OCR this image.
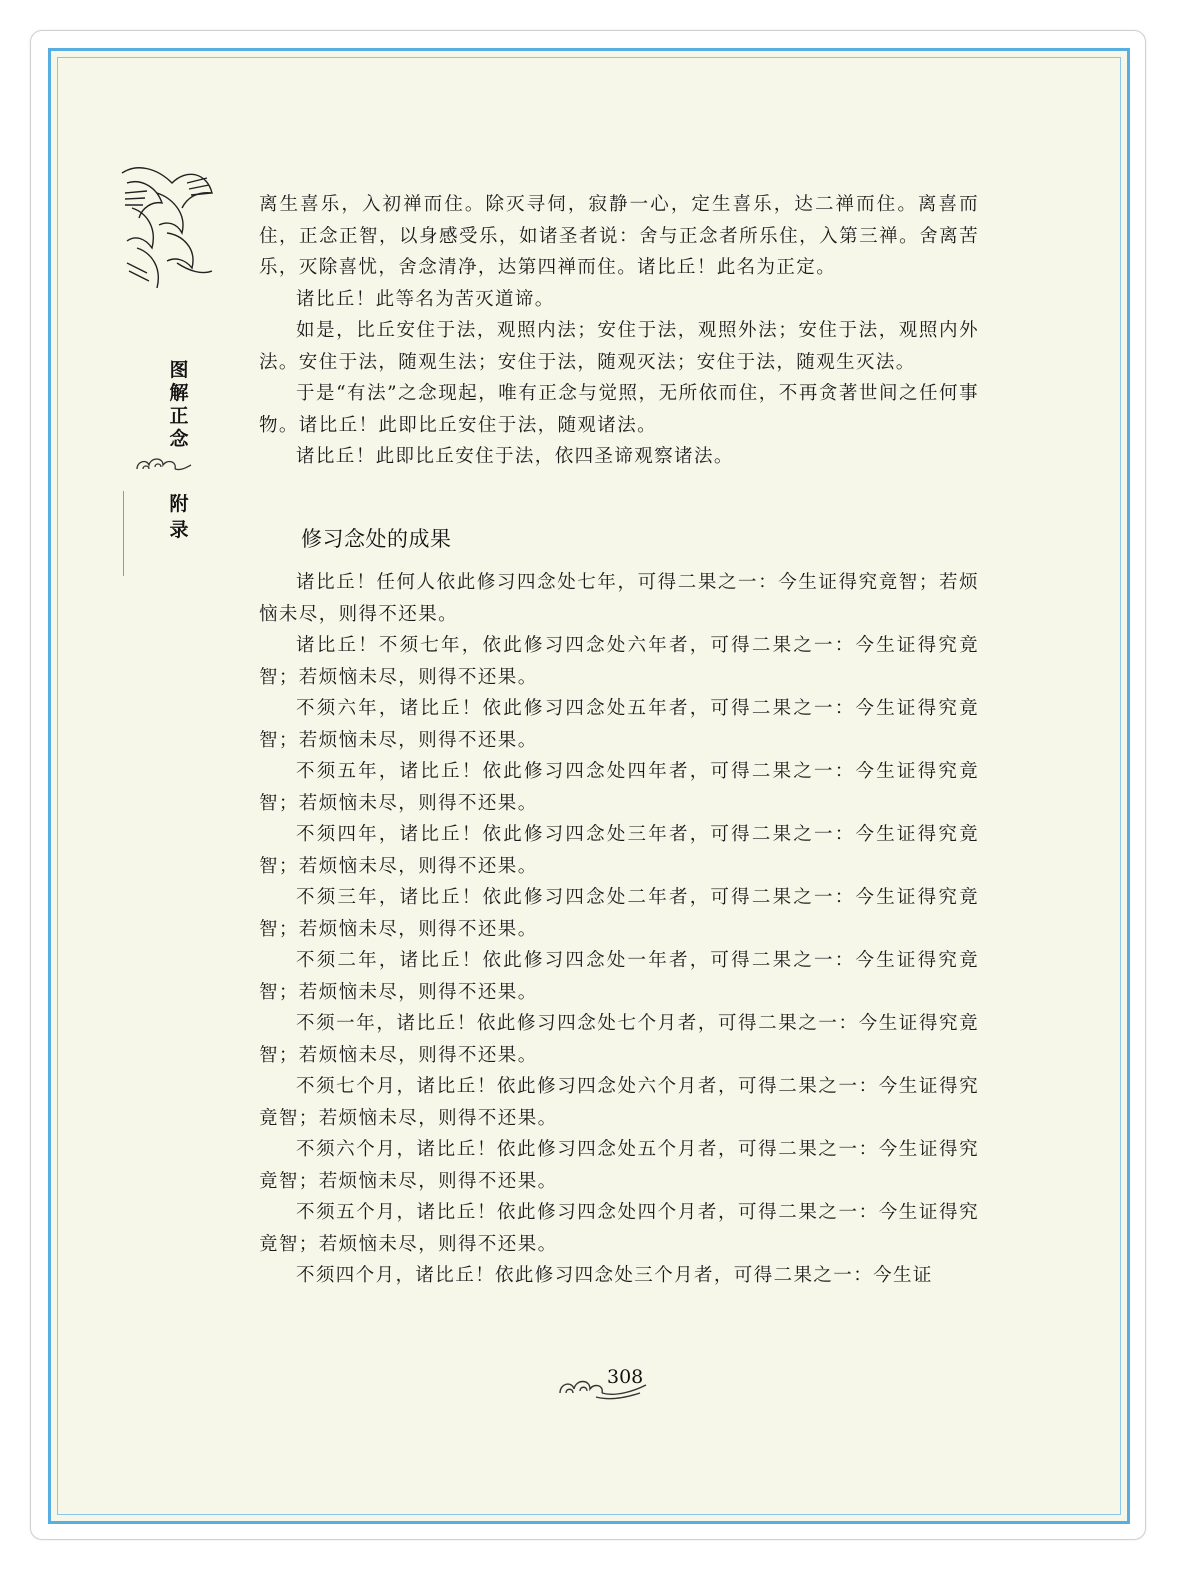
图
解
正
念
附
录

离生喜乐，入初禅而住。除灭寻伺，寂静一心，定生喜乐，达二禅而住。离喜而住，正念正智，以身感受乐，如诸圣者说：舍与正念者所乐住，入第三禅。舍离苦乐，灭除喜忧，舍念清净，达第四禅而住。诸比丘！此名为正定。

诸比丘！此等名为苦灭道谛。

如是，比丘安住于法，观照内法；安住于法，观照外法；安住于法，观照内外法。安住于法，随观生法；安住于法，随观灭法；安住于法，随观生灭法。

于是“有法”之念现起，唯有正念与觉照，无所依而住，不再贪著世间之任何事物。诸比丘！此即比丘安住于法，随观诸法。

诸比丘！此即比丘安住于法，依四圣谛观察诸法。

修习念处的成果

诸比丘！任何人依此修习四念处七年，可得二果之一：今生证得究竟智；若烦恼未尽，则得不还果。

诸比丘！不须七年，依此修习四念处六年者，可得二果之一：今生证得究竟智；若烦恼未尽，则得不还果。

不须六年，诸比丘！依此修习四念处五年者，可得二果之一：今生证得究竟智；若烦恼未尽，则得不还果。

不须五年，诸比丘！依此修习四念处四年者，可得二果之一：今生证得究竟智；若烦恼未尽，则得不还果。

不须四年，诸比丘！依此修习四念处三年者，可得二果之一：今生证得究竟智；若烦恼未尽，则得不还果。

不须三年，诸比丘！依此修习四念处二年者，可得二果之一：今生证得究竟智；若烦恼未尽，则得不还果。

不须二年，诸比丘！依此修习四念处一年者，可得二果之一：今生证得究竟智；若烦恼未尽，则得不还果。

不须一年，诸比丘！依此修习四念处七个月者，可得二果之一：今生证得究竟智；若烦恼未尽，则得不还果。

不须七个月，诸比丘！依此修习四念处六个月者，可得二果之一：今生证得究竟智；若烦恼未尽，则得不还果。

不须六个月，诸比丘！依此修习四念处五个月者，可得二果之一：今生证得究竟智；若烦恼未尽，则得不还果。

不须五个月，诸比丘！依此修习四念处四个月者，可得二果之一：今生证得究竟智；若烦恼未尽，则得不还果。

不须四个月，诸比丘！依此修习四念处三个月者，可得二果之一：今生证

308
